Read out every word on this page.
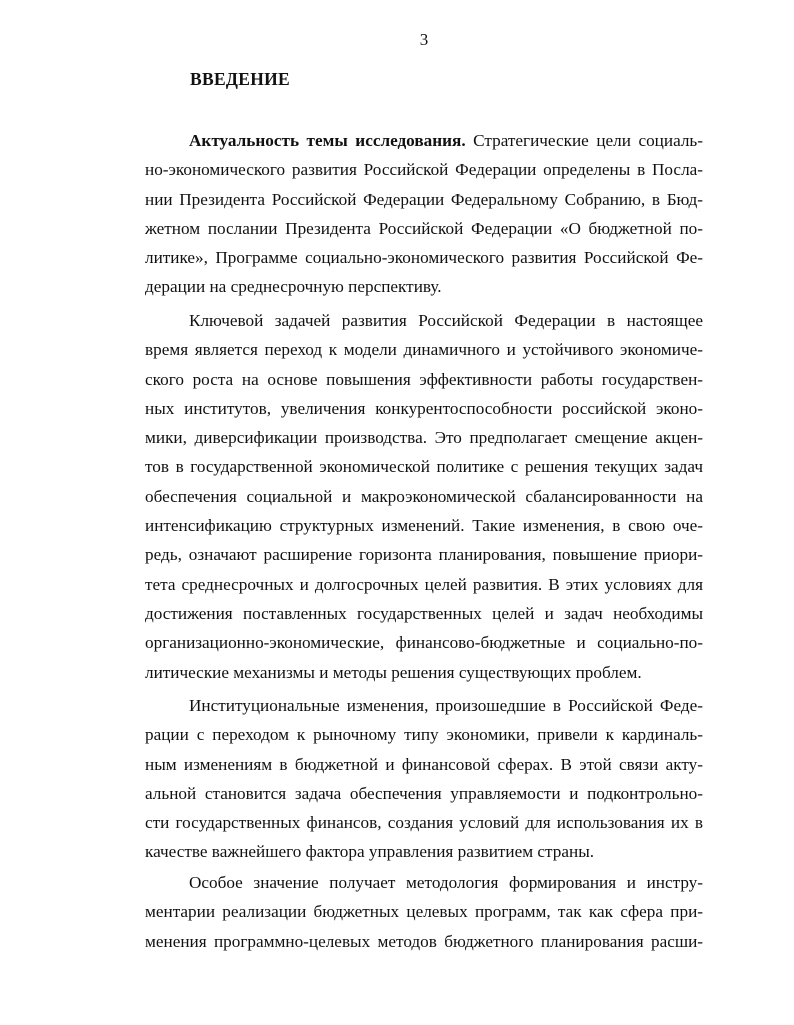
3
ВВЕДЕНИЕ
Актуальность темы исследования. Стратегические цели социаль-
но-экономического развития Российской Федерации определены в Посла-
нии Президента Российской Федерации Федеральному Собранию, в Бюд-
жетном послании Президента Российской Федерации «О бюджетной по-
литике», Программе социально-экономического развития Российской Фе-
дерации на среднесрочную перспективу.
Ключевой задачей развития Российской Федерации в настоящее
время является переход к модели динамичного и устойчивого экономиче-
ского роста на основе повышения эффективности работы государствен-
ных институтов, увеличения конкурентоспособности российской эконо-
мики, диверсификации производства. Это предполагает смещение акцен-
тов в государственной экономической политике с решения текущих задач
обеспечения социальной и макроэкономической сбалансированности на
интенсификацию структурных изменений. Такие изменения, в свою оче-
редь, означают расширение горизонта планирования, повышение приори-
тета среднесрочных и долгосрочных целей развития. В этих условиях для
достижения поставленных государственных целей и задач необходимы
организационно-экономические, финансово-бюджетные и социально-по-
литические механизмы и методы решения существующих проблем.
Институциональные изменения, произошедшие в Российской Феде-
рации с переходом к рыночному типу экономики, привели к кардиналь-
ным изменениям в бюджетной и финансовой сферах. В этой связи акту-
альной становится задача обеспечения управляемости и подконтрольно-
сти государственных финансов, создания условий для использования их в
качестве важнейшего фактора управления развитием страны.
Особое значение получает методология формирования и инстру-
ментарии реализации бюджетных целевых программ, так как сфера при-
менения программно-целевых методов бюджетного планирования расши-
